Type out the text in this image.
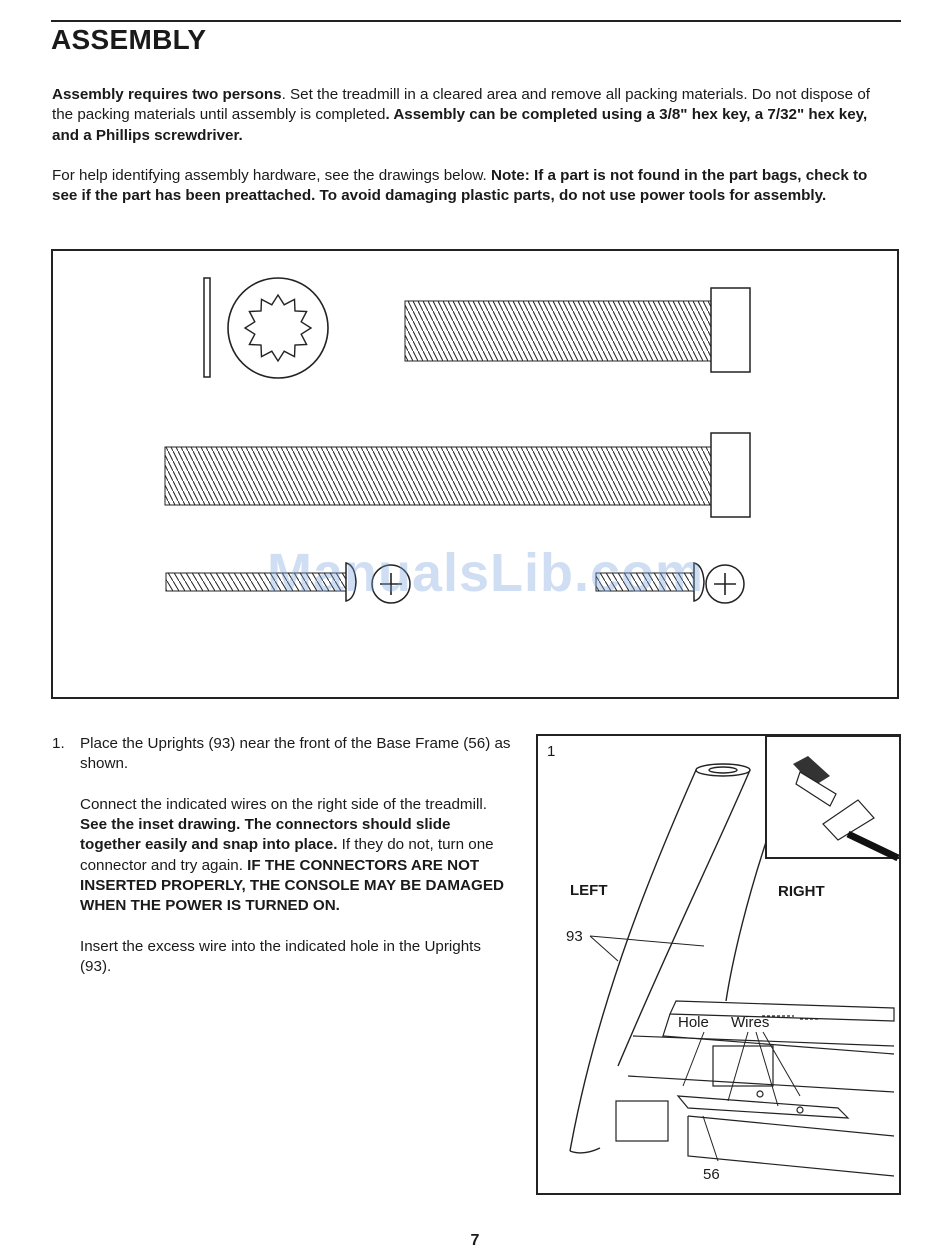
ASSEMBLY
Assembly requires two persons. Set the treadmill in a cleared area and remove all packing materials. Do not dispose of the packing materials until assembly is completed. Assembly can be completed using a 3/8" hex key, a 7/32" hex key, and a Phillips screwdriver.
For help identifying assembly hardware, see the drawings below. Note: If a part is not found in the part bags, check to see if the part has been preattached. To avoid damaging plastic parts, do not use power tools for assembly.
ManualsLib.com
1. Place the Uprights (93) near the front of the Base Frame (56) as shown.

Connect the indicated wires on the right side of the treadmill. See the inset drawing. The connectors should slide together easily and snap into place. If they do not, turn one connector and try again. IF THE CONNECTORS ARE NOT INSERTED PROPERLY, THE CONSOLE MAY BE DAMAGED WHEN THE POWER IS TURNED ON.

Insert the excess wire into the indicated hole in the Uprights (93).

1
LEFT	RIGHT
93
Hole Wires
56
7
